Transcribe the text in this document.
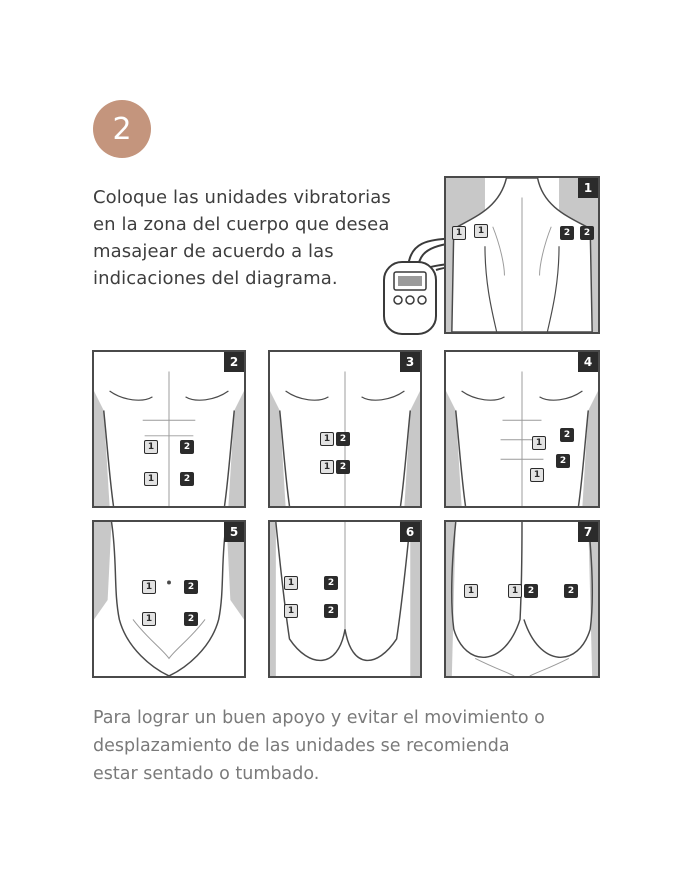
2
Coloque las unidades vibratorias
en la zona del cuerpo que desea
masajear de acuerdo a las
indicaciones del diagrama.
1
1	1	2	2
2
1	2
1	2
3
1	2
1	2
4
2
1
2
1
5
1	2
1	2
6
1	2
1	2
7
1	1	2	2
Para lograr un buen apoyo y evitar el movimiento o
desplazamiento de las unidades se recomienda
estar sentado o tumbado.
